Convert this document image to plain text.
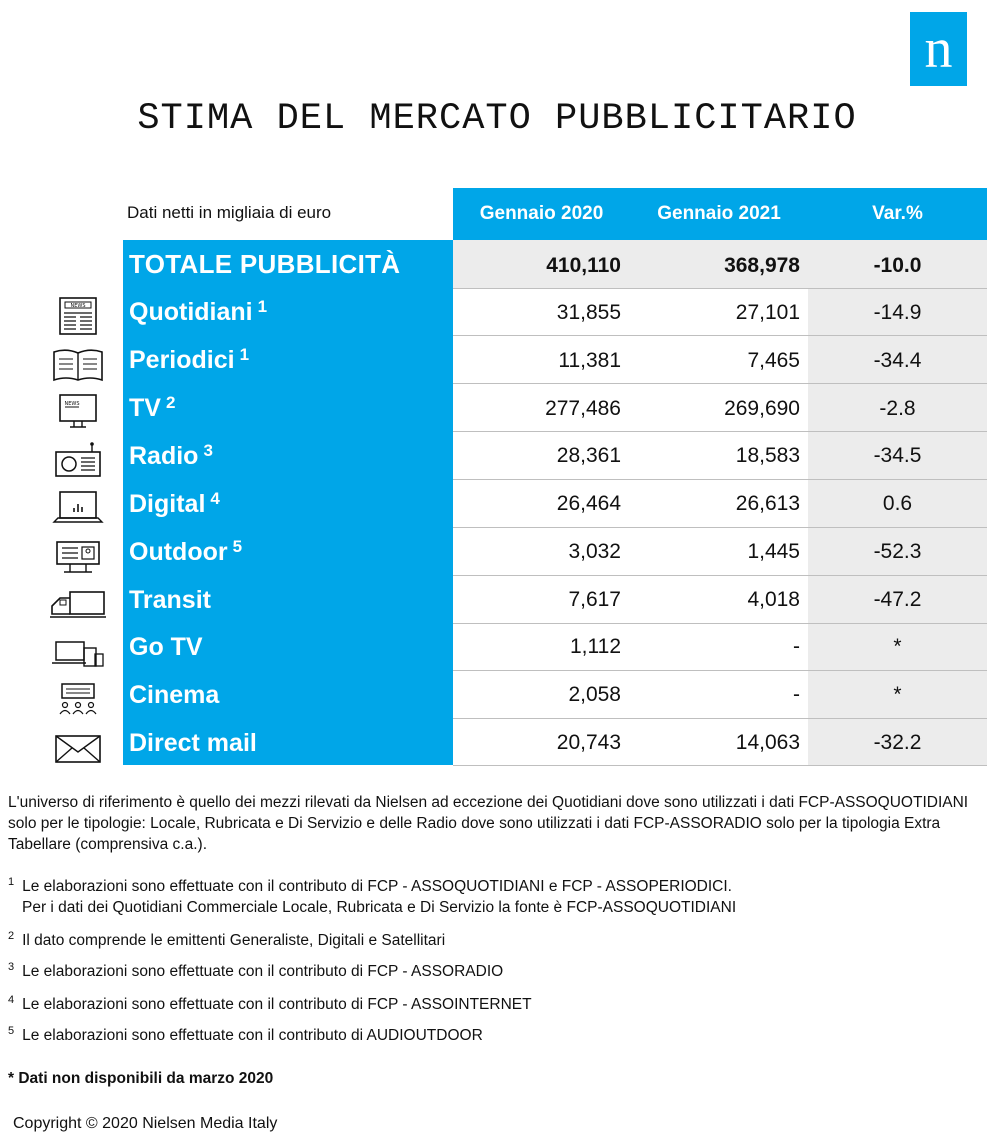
n
STIMA DEL MERCATO PUBBLICITARIO
Dati netti in migliaia di euro	Gennaio 2020	Gennaio 2021	Var.%
TOTALE PUBBLICITÀ	410,110	368,978	-10.0
NEWS Quotidiani $^1$	31,855	27,101	-14.9
Periodici $^1$	11,381	7,465	-34.4
NEWS TV $^2$	277,486	269,690	-2.8
Radio $^3$	28,361	18,583	-34.5
Digital $^4$	26,464	26,613	0.6
Outdoor $^5$	3,032	1,445	-52.3
Transit	7,617	4,018	-47.2
Go TV	1,112	-	*
Cinema	2,058	-	*
Direct mail	20,743	14,063	-32.2
L'universo di riferimento è quello dei mezzi rilevati da Nielsen ad eccezione dei Quotidiani dove sono utilizzati i dati FCP-ASSOQUOTIDIANI solo per le tipologie: Locale, Rubricata e Di Servizio e delle Radio dove sono utilizzati i dati FCP-ASSORADIO solo per la tipologia Extra Tabellare (comprensiva c.a.).
$^1$ Le elaborazioni sono effettuate con il contributo di FCP - ASSOQUOTIDIANI e FCP - ASSOPERIODICI.
Per i dati dei Quotidiani Commerciale Locale, Rubricata e Di Servizio la fonte è FCP-ASSOQUOTIDIANI
$^2$ Il dato comprende le emittenti Generaliste, Digitali e Satellitari
$^3$ Le elaborazioni sono effettuate con il contributo di FCP - ASSORADIO
$^4$ Le elaborazioni sono effettuate con il contributo di FCP - ASSOINTERNET
$^5$ Le elaborazioni sono effettuate con il contributo di AUDIOUTDOOR
* Dati non disponibili da marzo 2020
Copyright © 2020 Nielsen Media Italy
